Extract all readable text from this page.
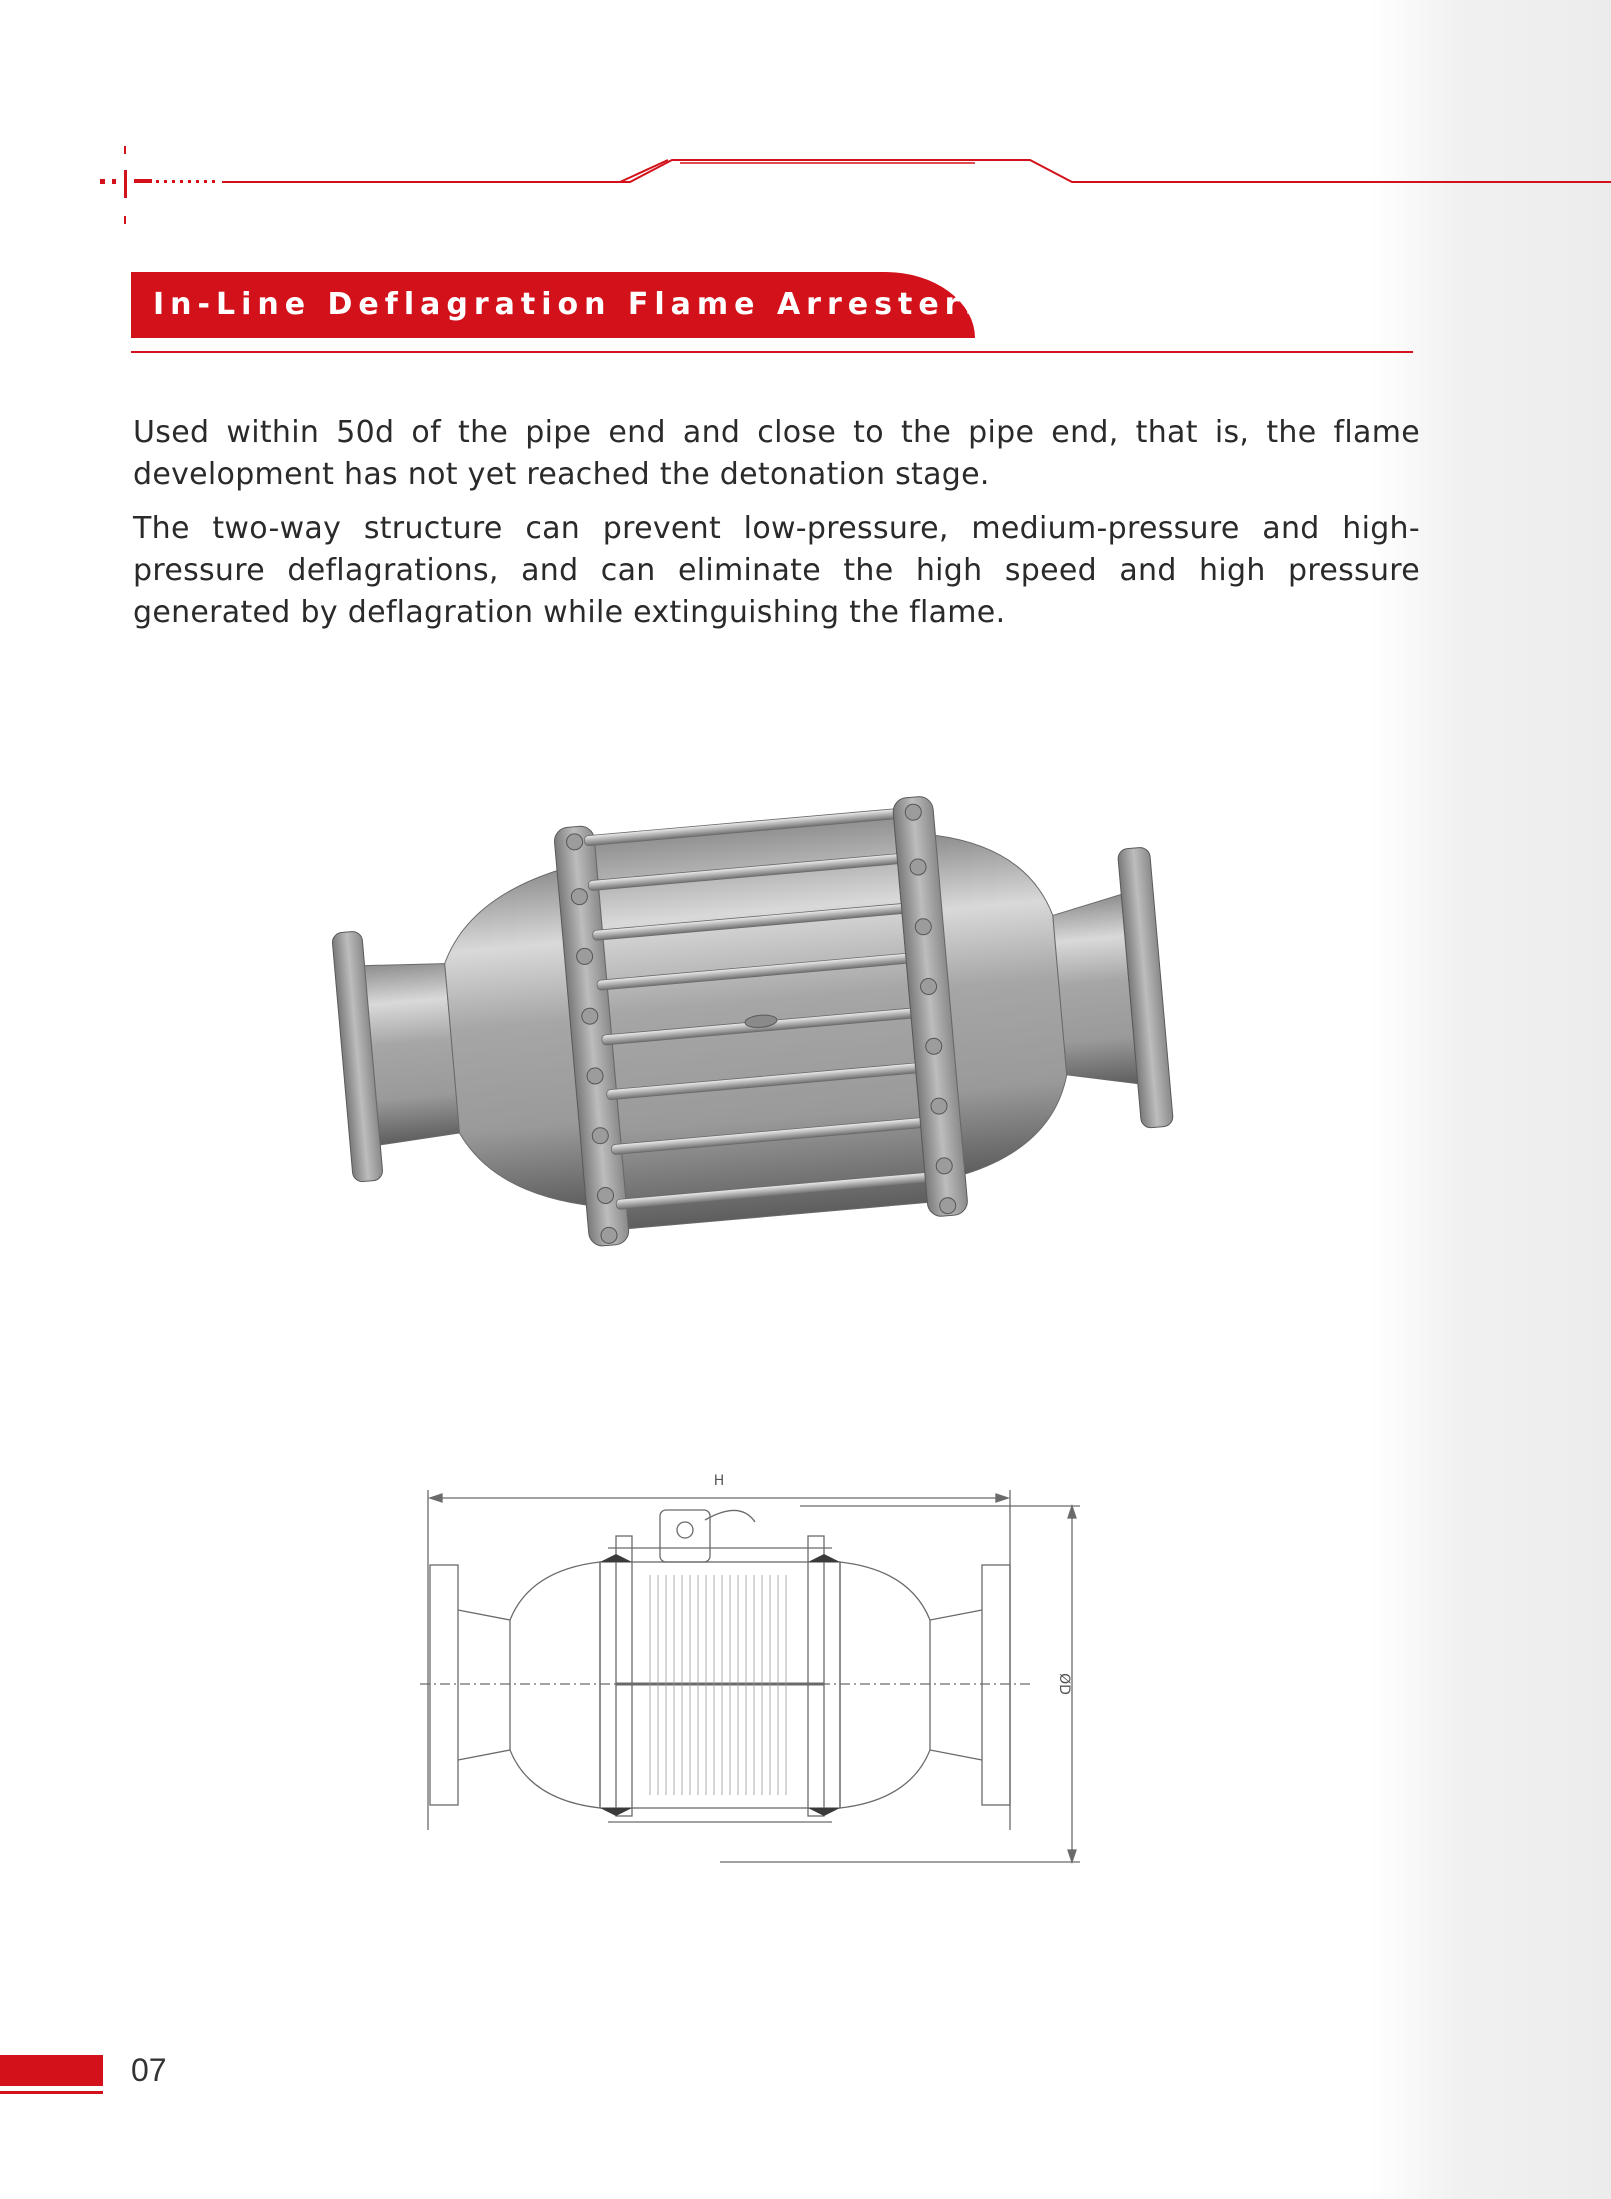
In-Line Deflagration Flame Arresters

Used within 50d of the pipe end and close to the pipe end, that is, the flame development has not yet reached the detonation stage.

The two-way structure can prevent low-pressure, medium-pressure and high-pressure deflagrations, and can eliminate the high speed and high pressure generated by deflagration while extinguishing the flame.

H
ØD
07
